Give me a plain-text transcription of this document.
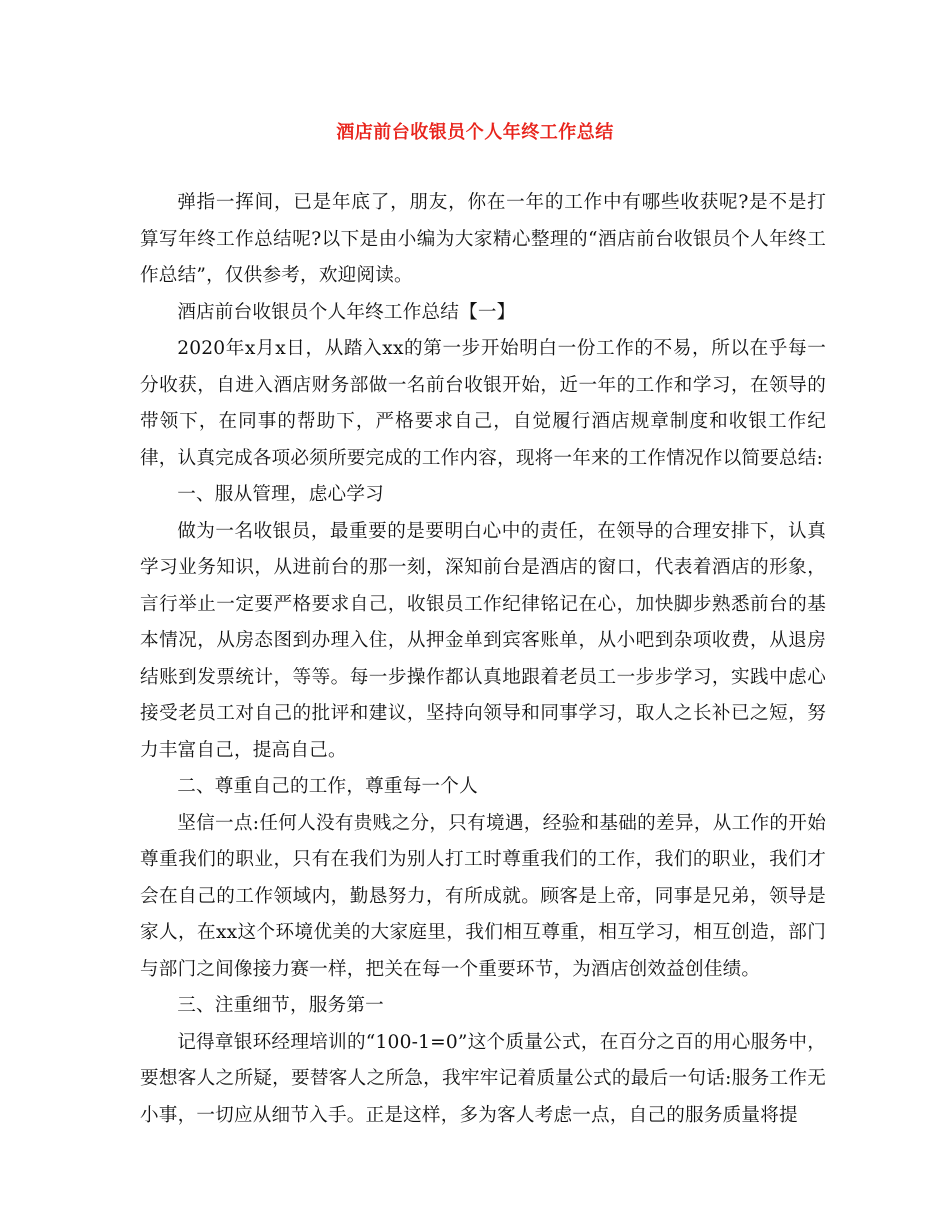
酒店前台收银员个人年终工作总结

弹指一挥间，已是年底了，朋友，你在一年的工作中有哪些收获呢?是不是打算写年终工作总结呢?以下是由小编为大家精心整理的“酒店前台收银员个人年终工作总结”，仅供参考，欢迎阅读。

酒店前台收银员个人年终工作总结【一】

2020年x月x日，从踏入xx的第一步开始明白一份工作的不易，所以在乎每一分收获，自进入酒店财务部做一名前台收银开始，近一年的工作和学习，在领导的带领下，在同事的帮助下，严格要求自己，自觉履行酒店规章制度和收银工作纪律，认真完成各项必须所要完成的工作内容，现将一年来的工作情况作以简要总结:

一、服从管理，虑心学习

做为一名收银员，最重要的是要明白心中的责任，在领导的合理安排下，认真学习业务知识，从进前台的那一刻，深知前台是酒店的窗口，代表着酒店的形象，言行举止一定要严格要求自己，收银员工作纪律铭记在心，加快脚步熟悉前台的基本情况，从房态图到办理入住，从押金单到宾客账单，从小吧到杂项收费，从退房结账到发票统计，等等。每一步操作都认真地跟着老员工一步步学习，实践中虑心接受老员工对自己的批评和建议，坚持向领导和同事学习，取人之长补已之短，努力丰富自己，提高自己。

二、尊重自己的工作，尊重每一个人

坚信一点:任何人没有贵贱之分，只有境遇，经验和基础的差异，从工作的开始尊重我们的职业，只有在我们为别人打工时尊重我们的工作，我们的职业，我们才会在自己的工作领域内，勤恳努力，有所成就。顾客是上帝，同事是兄弟，领导是家人，在xx这个环境优美的大家庭里，我们相互尊重，相互学习，相互创造，部门与部门之间像接力赛一样，把关在每一个重要环节，为酒店创效益创佳绩。

三、注重细节，服务第一

记得章银环经理培训的“100-1=0”这个质量公式，在百分之百的用心服务中，要想客人之所疑，要替客人之所急，我牢牢记着质量公式的最后一句话:服务工作无小事，一切应从细节入手。正是这样，多为客人考虑一点，自己的服务质量将提
